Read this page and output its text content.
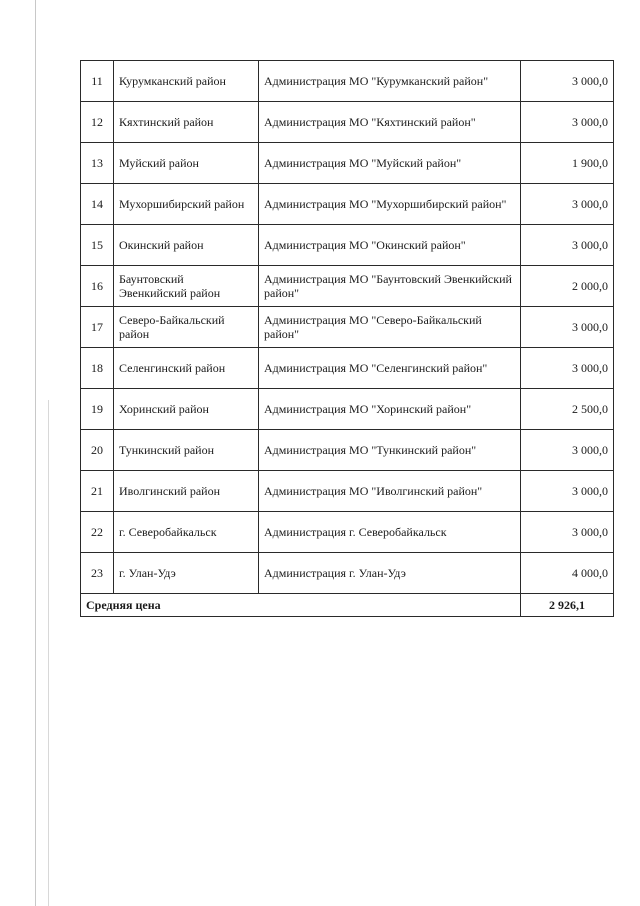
11	Курумканский район	Администрация МО "Курумканский район"	3 000,0
12	Кяхтинский район	Администрация МО "Кяхтинский район"	3 000,0
13	Муйский район	Администрация МО "Муйский район"	1 900,0
14	Мухоршибирский район	Администрация МО "Мухоршибирский район"	3 000,0
15	Окинский район	Администрация МО "Окинский район"	3 000,0
16	Баунтовский Эвенкийский район	Администрация МО "Баунтовский Эвенкийский район"	2 000,0
17	Северо-Байкальский район	Администрация МО "Северо-Байкальский район"	3 000,0
18	Селенгинский район	Администрация МО "Селенгинский район"	3 000,0
19	Хоринский район	Администрация МО "Хоринский район"	2 500,0
20	Тункинский район	Администрация МО "Тункинский район"	3 000,0
21	Иволгинский район	Администрация МО "Иволгинский район"	3 000,0
22	г. Северобайкальск	Администрация г. Северобайкальск	3 000,0
23	г. Улан-Удэ	Администрация г. Улан-Удэ	4 000,0
Средняя цена			2 926,1
